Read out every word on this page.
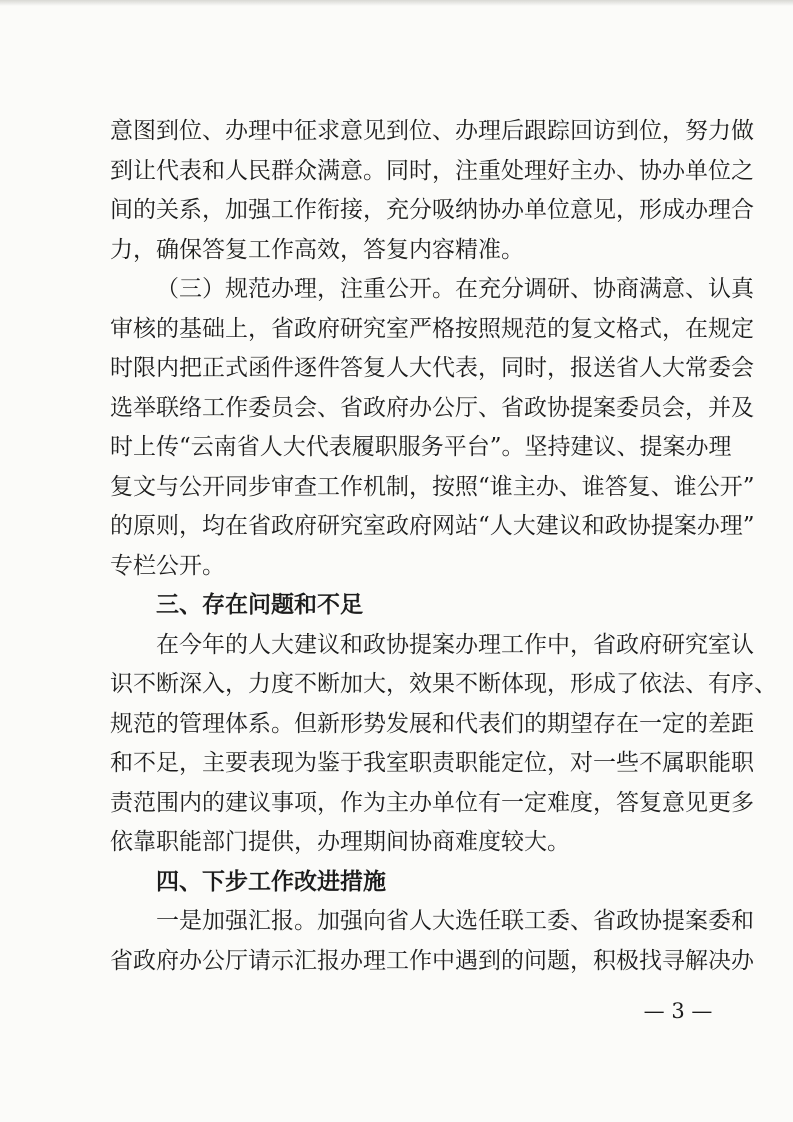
意图到位、办理中征求意见到位、办理后跟踪回访到位，努力做
到让代表和人民群众满意。同时，注重处理好主办、协办单位之
间的关系，加强工作衔接，充分吸纳协办单位意见，形成办理合
力，确保答复工作高效，答复内容精准。
（三）规范办理，注重公开。在充分调研、协商满意、认真
审核的基础上，省政府研究室严格按照规范的复文格式，在规定
时限内把正式函件逐件答复人大代表，同时，报送省人大常委会
选举联络工作委员会、省政府办公厅、省政协提案委员会，并及
时上传“云南省人大代表履职服务平台”。坚持建议、提案办理
复文与公开同步审查工作机制，按照“谁主办、谁答复、谁公开”
的原则，均在省政府研究室政府网站“人大建议和政协提案办理”
专栏公开。
三、存在问题和不足
在今年的人大建议和政协提案办理工作中，省政府研究室认
识不断深入，力度不断加大，效果不断体现，形成了依法、有序、
规范的管理体系。但新形势发展和代表们的期望存在一定的差距
和不足，主要表现为鉴于我室职责职能定位，对一些不属职能职
责范围内的建议事项，作为主办单位有一定难度，答复意见更多
依靠职能部门提供，办理期间协商难度较大。
四、下步工作改进措施
一是加强汇报。加强向省人大选任联工委、省政协提案委和
省政府办公厅请示汇报办理工作中遇到的问题，积极找寻解决办
— 3 —
